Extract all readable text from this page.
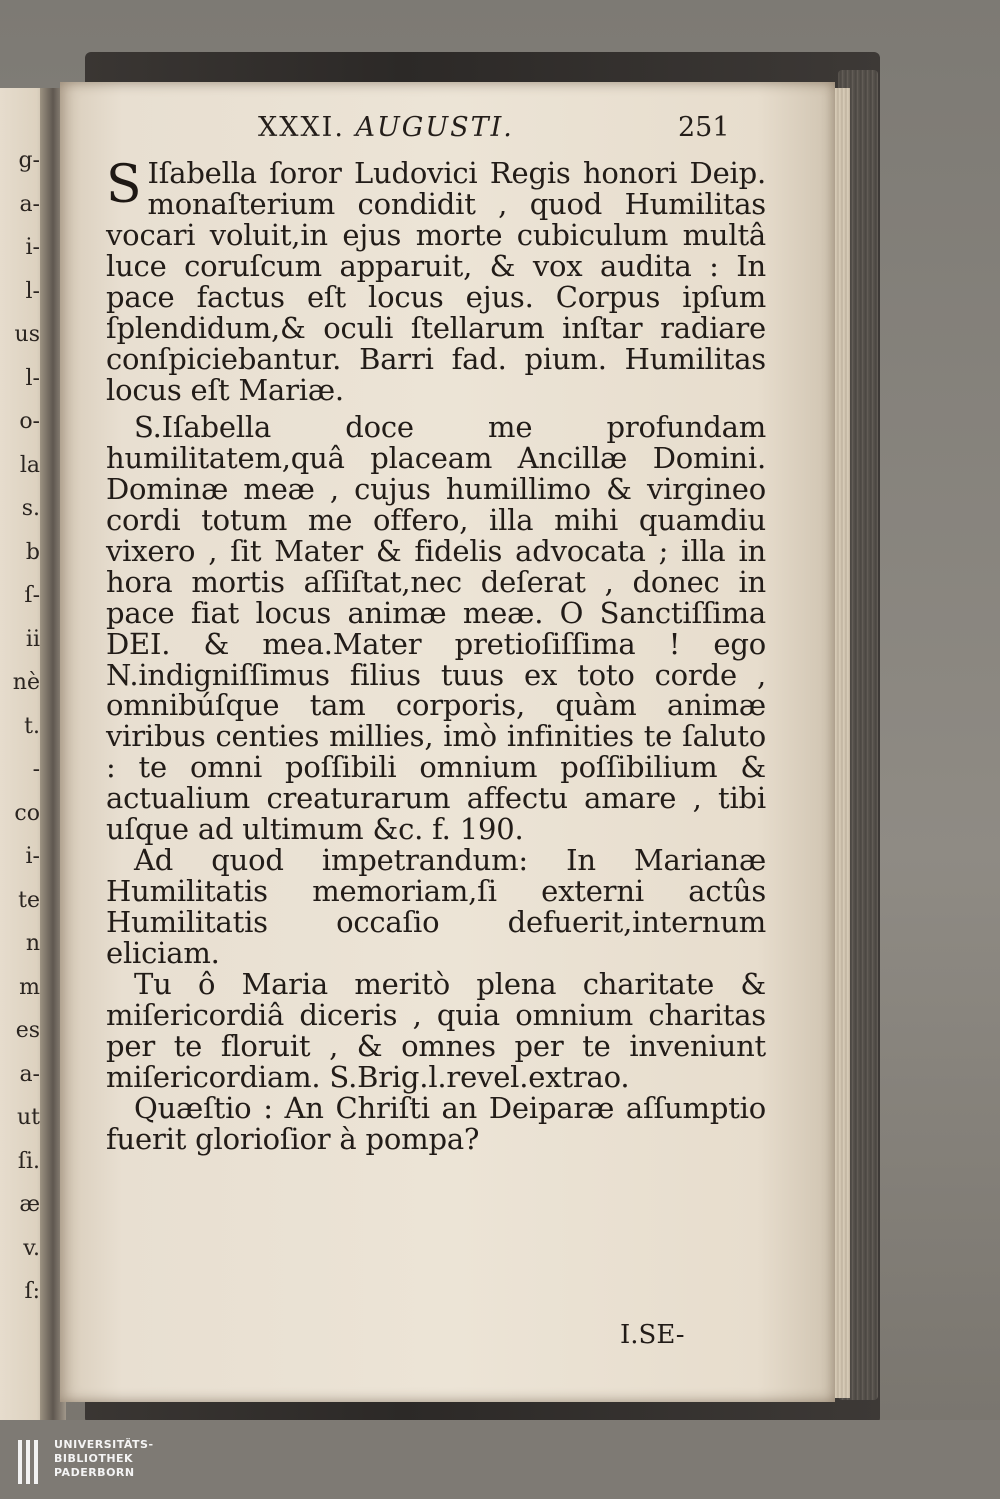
g-
a-
i-
l-
us
l-
o-
la
s.
b
ſ-
ii
nè
t.
-
co
i-
te
n
m
es
a-
ut
ſi.
æ
v.
ſ:
XXXI. AUGUSTI.	251

S Iſabella ſoror Ludovici Regis honori Deip. monaſterium condidit , quod Humilitas vocari voluit,in ejus morte cubiculum multâ luce coruſcum apparuit, & vox audita : In pace factus eſt locus ejus. Corpus ipſum ſplendidum,& oculi ſtellarum inſtar radiare conſpiciebantur. Barri fad. pium. Humilitas locus eſt Mariæ.

S.Iſabella doce me profundam humilitatem,quâ placeam Ancillæ Domini. Dominæ meæ , cujus humillimo & virgineo cordi totum me offero, illa mihi quamdiu vixero , ſit Mater & fidelis advocata ; illa in hora mortis aſſiſtat,nec deſerat , donec in pace fiat locus animæ meæ. O Sanctiſſima DEI. & mea.Mater pretioſiſſima ! ego N.indigniſſimus filius tuus ex toto corde , omnibúſque tam corporis, quàm animæ viribus centies millies, imò infinities te ſaluto : te omni poſſibili omnium poſſibilium & actualium creaturarum affectu amare , tibi uſque ad ultimum &c. f. 190.

Ad quod impetrandum: In Marianæ Humilitatis memoriam,ſi externi actûs Humilitatis occaſio defuerit,internum eliciam.

Tu ô Maria meritò plena charitate & miſericordiâ diceris , quia omnium charitas per te floruit , & omnes per te inveniunt miſericordiam. S.Brig.l.revel.extrao.

Quæſtio : An Chriſti an Deiparæ aſſumptio fuerit glorioſior à pompa?

I.SE-
UNIVERSITÄTS-
BIBLIOTHEK
PADERBORN
